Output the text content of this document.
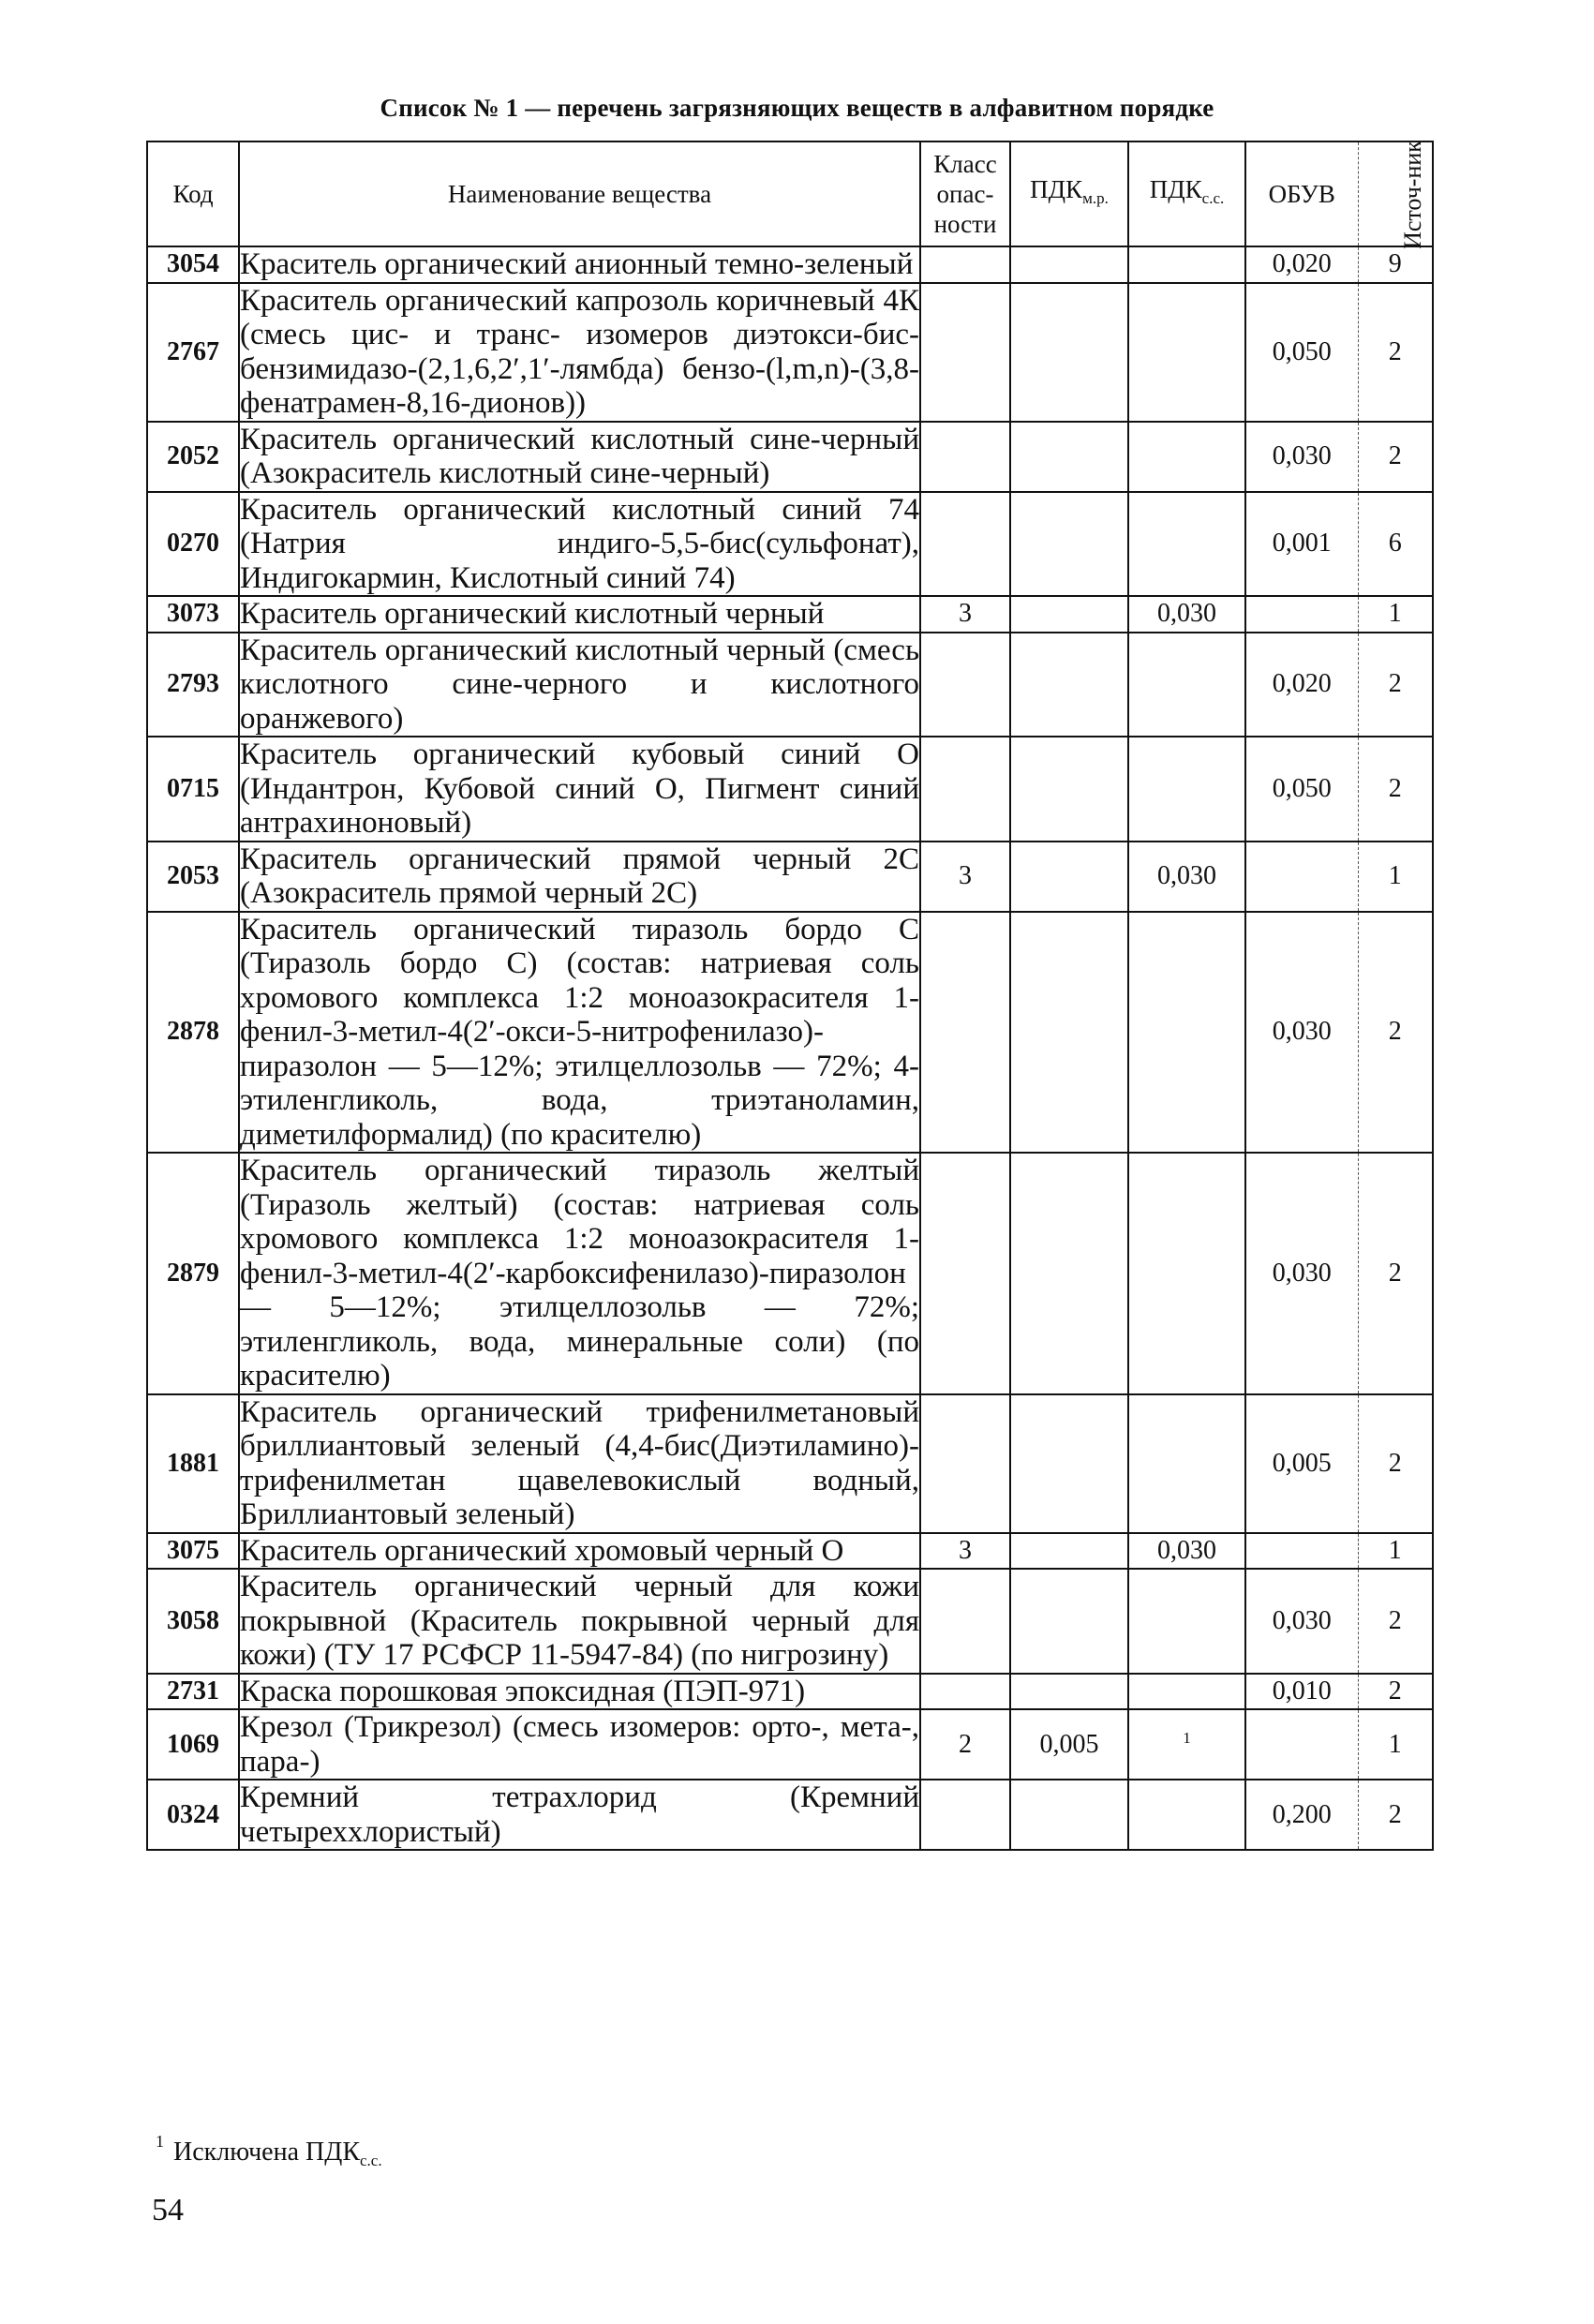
Список № 1 — перечень загрязняющих веществ в алфавитном порядке
Код	Наименование вещества	Класс опас-ности	$ПДК_{м.р.}$	$ПДК_{с.с.}$	ОБУВ	Источ-ник
3054	Краситель органический анионный темно-зеленый				0,020	9
2767	Краситель органический капрозоль коричневый 4К (смесь цис- и транс- изомеров диэтокси-бис-бензимидазо-(2,1,6,2′,1′-лямбда) бензо-(l,m,n)-(3,8-фенатрамен-8,16-дионов))				0,050	2
2052	Краситель органический кислотный сине-черный (Азокраситель кислотный сине-черный)				0,030	2
0270	Краситель органический кислотный синий 74 (Натрия индиго-5,5-бис(сульфонат), Индигокармин, Кислотный синий 74)				0,001	6
3073	Краситель органический кислотный черный	3		0,030		1
2793	Краситель органический кислотный черный (смесь кислотного сине-черного и кислотного оранжевого)				0,020	2
0715	Краситель органический кубовый синий О (Индантрон, Кубовой синий О, Пигмент синий антрахиноновый)				0,050	2
2053	Краситель органический прямой черный 2С (Азокраситель прямой черный 2С)	3		0,030		1
2878	Краситель органический тиразоль бордо С (Тиразоль бордо С) (состав: натриевая соль хромового комплекса 1:2 моноазокрасителя 1-фенил-3-метил-4(2′-окси-5-нитрофенилазо)-пиразолон — 5—12%; этилцеллозольв — 72%; 4-этиленгликоль, вода, триэтаноламин, диметилформалид) (по красителю)				0,030	2
2879	Краситель органический тиразоль желтый (Тиразоль желтый) (состав: натриевая соль хромового комплекса 1:2 моноазокрасителя 1-фенил-3-метил-4(2′-карбоксифенилазо)-пиразолон — 5—12%; этилцеллозольв — 72%; этиленгликоль, вода, минеральные соли) (по красителю)				0,030	2
1881	Краситель органический трифенилметановый бриллиантовый зеленый (4,4-бис(Диэтиламино)-трифенилметан щавелевокислый водный, Бриллиантовый зеленый)				0,005	2
3075	Краситель органический хромовый черный О	3		0,030		1
3058	Краситель органический черный для кожи покрывной (Краситель покрывной черный для кожи) (ТУ 17 РСФСР 11-5947-84) (по нигрозину)				0,030	2
2731	Краска порошковая эпоксидная (ПЭП-971)				0,010	2
1069	Крезол (Трикрезол) (смесь изомеров: орто-, мета-, пара-)	2	0,005	$^1$		1
0324	Кремний тетрахлорид (Кремний четыреххлористый)				0,200	2
$^1$ Исключена $ПДК_{с.с.}$
54
